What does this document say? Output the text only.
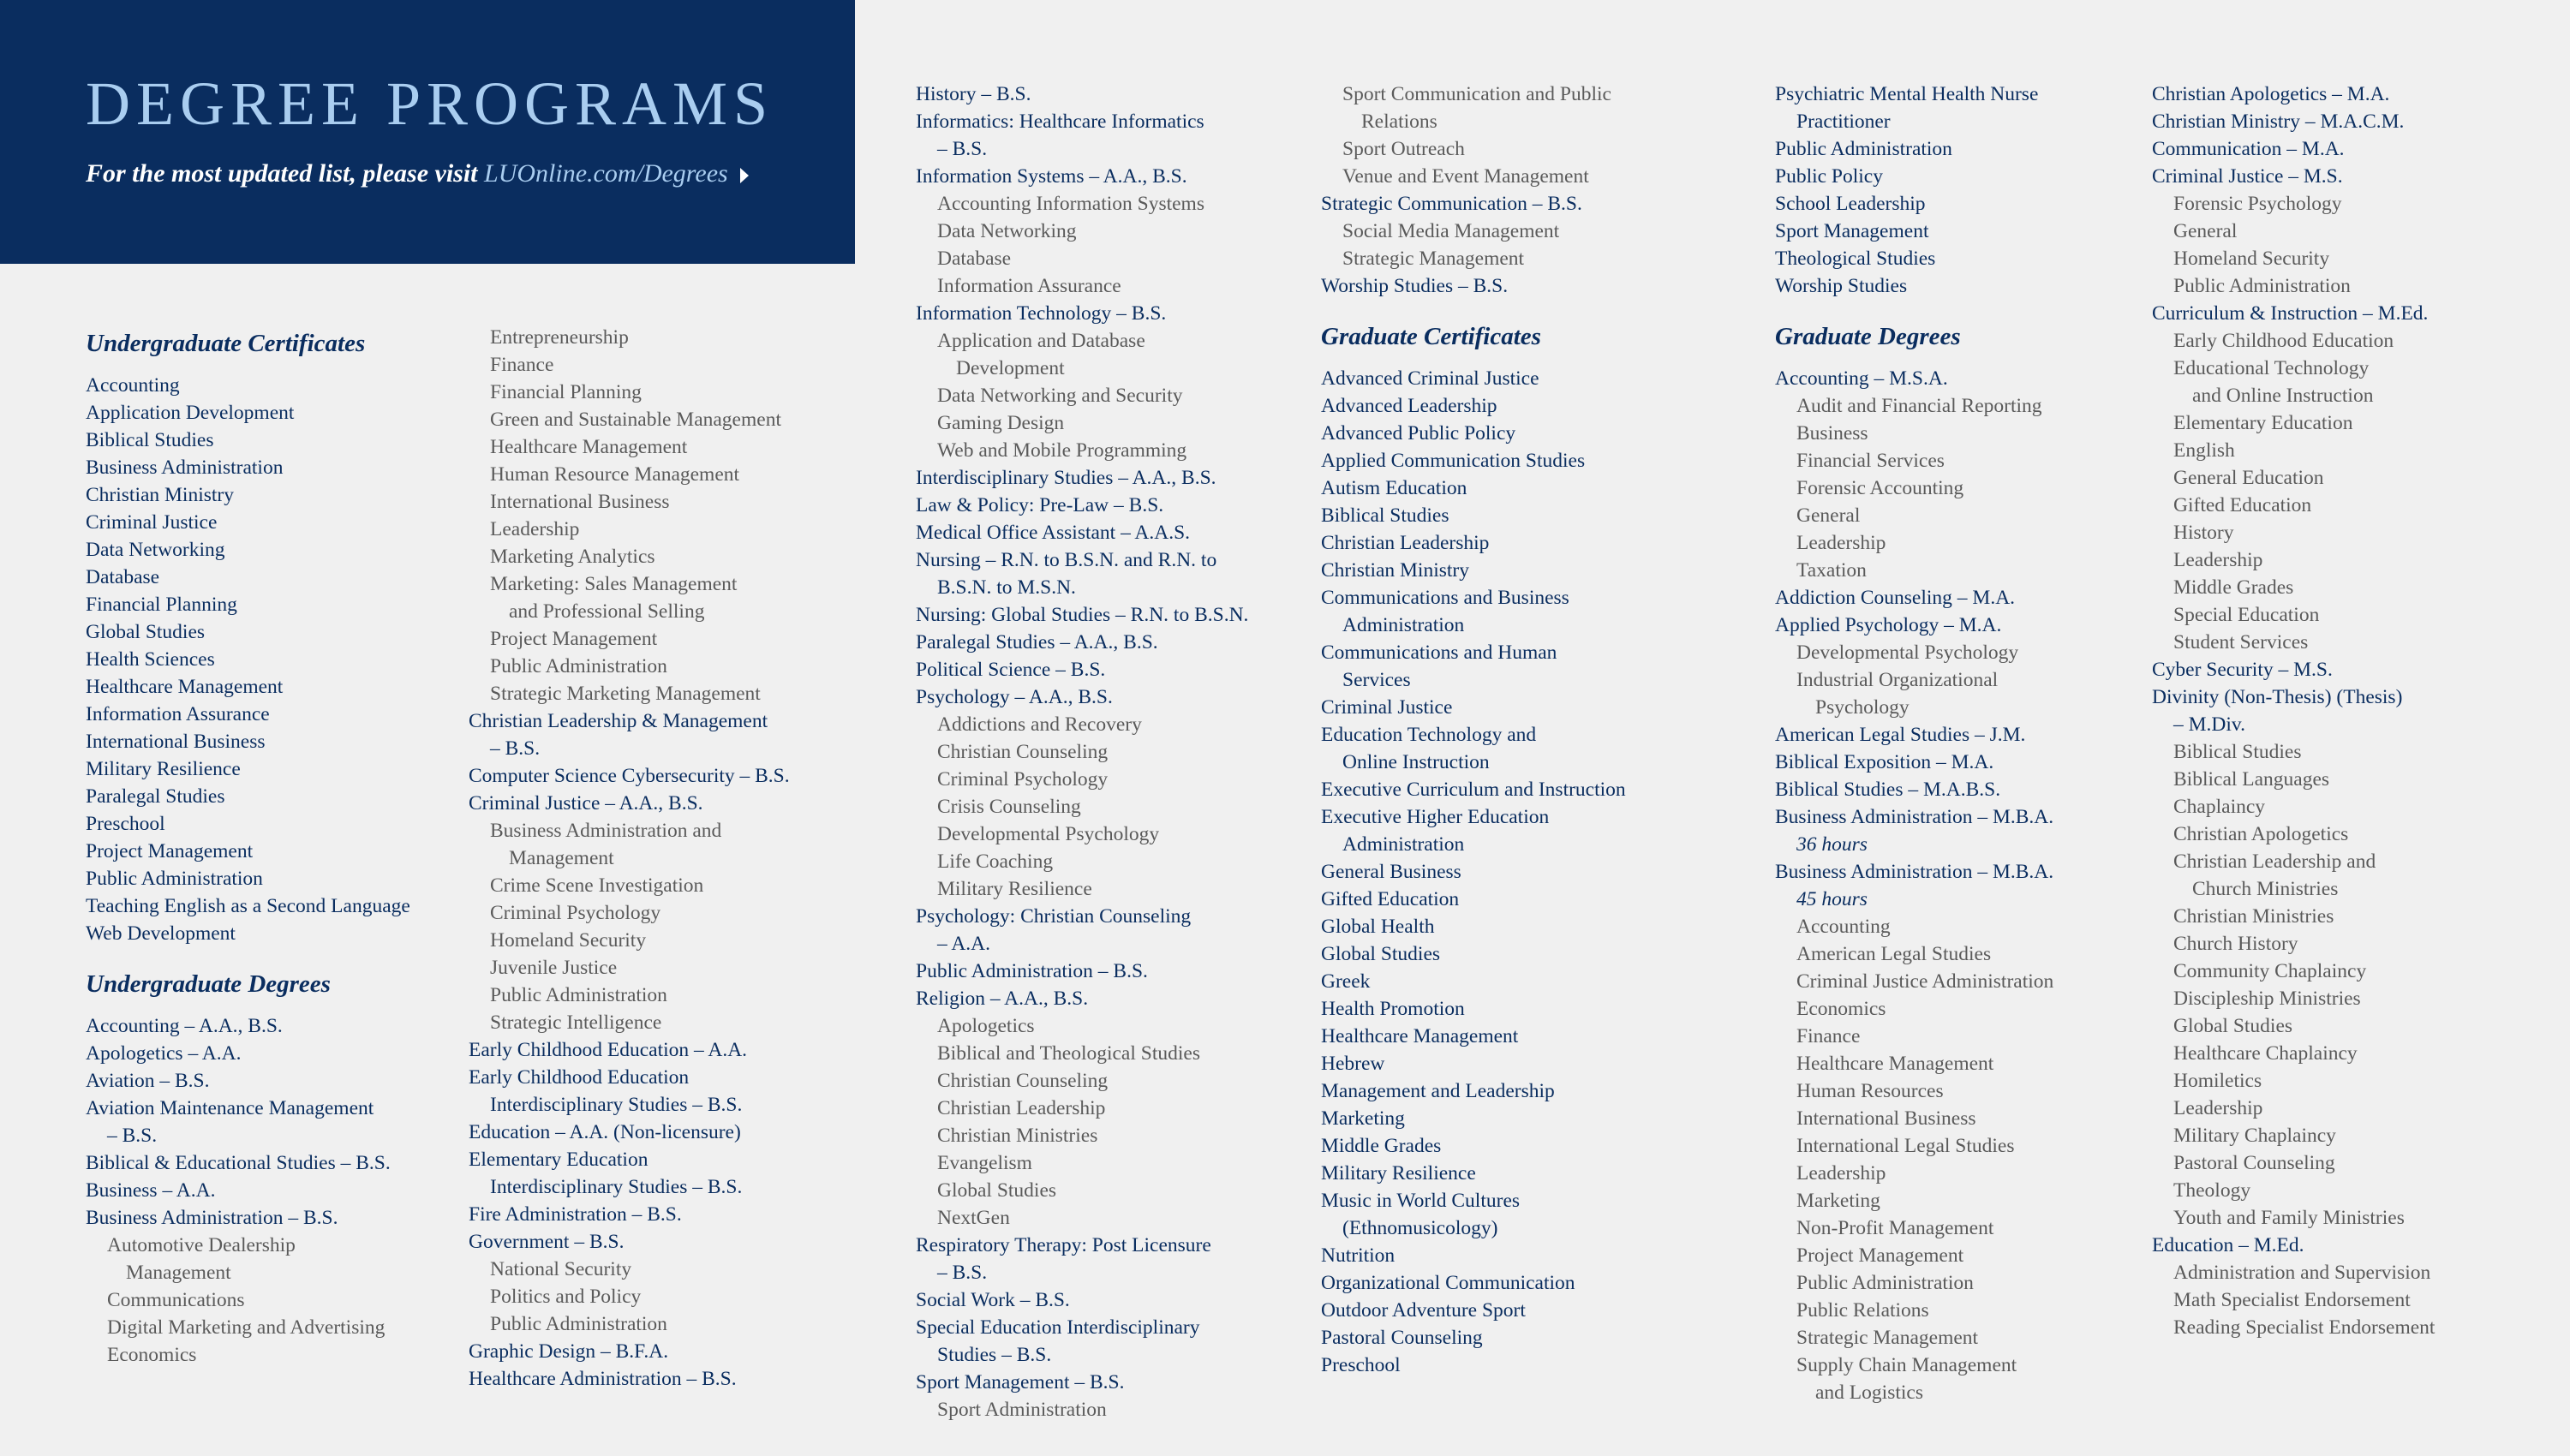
DEGREE PROGRAMS
For the most updated list, please visit LUOnline.com/Degrees
Undergraduate Certificates
Accounting
Application Development
Biblical Studies
Business Administration
Christian Ministry
Criminal Justice
Data Networking
Database
Financial Planning
Global Studies
Health Sciences
Healthcare Management
Information Assurance
International Business
Military Resilience
Paralegal Studies
Preschool
Project Management
Public Administration
Teaching English as a Second Language
Web Development
Undergraduate Degrees
Accounting – A.A., B.S.
Apologetics – A.A.
Aviation – B.S.
Aviation Maintenance Management
– B.S.
Biblical & Educational Studies – B.S.
Business – A.A.
Business Administration – B.S.
Automotive Dealership
Management
Communications
Digital Marketing and Advertising
Economics
Entrepreneurship
Finance
Financial Planning
Green and Sustainable Management
Healthcare Management
Human Resource Management
International Business
Leadership
Marketing Analytics
Marketing: Sales Management
and Professional Selling
Project Management
Public Administration
Strategic Marketing Management
Christian Leadership & Management
– B.S.
Computer Science Cybersecurity – B.S.
Criminal Justice – A.A., B.S.
Business Administration and
Management
Crime Scene Investigation
Criminal Psychology
Homeland Security
Juvenile Justice
Public Administration
Strategic Intelligence
Early Childhood Education – A.A.
Early Childhood Education
Interdisciplinary Studies – B.S.
Education – A.A. (Non-licensure)
Elementary Education
Interdisciplinary Studies – B.S.
Fire Administration – B.S.
Government – B.S.
National Security
Politics and Policy
Public Administration
Graphic Design – B.F.A.
Healthcare Administration – B.S.
History – B.S.
Informatics: Healthcare Informatics
– B.S.
Information Systems – A.A., B.S.
Accounting Information Systems
Data Networking
Database
Information Assurance
Information Technology – B.S.
Application and Database
Development
Data Networking and Security
Gaming Design
Web and Mobile Programming
Interdisciplinary Studies – A.A., B.S.
Law & Policy: Pre-Law – B.S.
Medical Office Assistant – A.A.S.
Nursing – R.N. to B.S.N. and R.N. to
B.S.N. to M.S.N.
Nursing: Global Studies – R.N. to B.S.N.
Paralegal Studies – A.A., B.S.
Political Science – B.S.
Psychology – A.A., B.S.
Addictions and Recovery
Christian Counseling
Criminal Psychology
Crisis Counseling
Developmental Psychology
Life Coaching
Military Resilience
Psychology: Christian Counseling
– A.A.
Public Administration – B.S.
Religion – A.A., B.S.
Apologetics
Biblical and Theological Studies
Christian Counseling
Christian Leadership
Christian Ministries
Evangelism
Global Studies
NextGen
Respiratory Therapy: Post Licensure
– B.S.
Social Work – B.S.
Special Education Interdisciplinary
Studies – B.S.
Sport Management – B.S.
Sport Administration
Sport Communication and Public
Relations
Sport Outreach
Venue and Event Management
Strategic Communication – B.S.
Social Media Management
Strategic Management
Worship Studies – B.S.
Graduate Certificates
Advanced Criminal Justice
Advanced Leadership
Advanced Public Policy
Applied Communication Studies
Autism Education
Biblical Studies
Christian Leadership
Christian Ministry
Communications and Business
Administration
Communications and Human
Services
Criminal Justice
Education Technology and
Online Instruction
Executive Curriculum and Instruction
Executive Higher Education
Administration
General Business
Gifted Education
Global Health
Global Studies
Greek
Health Promotion
Healthcare Management
Hebrew
Management and Leadership
Marketing
Middle Grades
Military Resilience
Music in World Cultures
(Ethnomusicology)
Nutrition
Organizational Communication
Outdoor Adventure Sport
Pastoral Counseling
Preschool
Psychiatric Mental Health Nurse
Practitioner
Public Administration
Public Policy
School Leadership
Sport Management
Theological Studies
Worship Studies
Graduate Degrees
Accounting – M.S.A.
Audit and Financial Reporting
Business
Financial Services
Forensic Accounting
General
Leadership
Taxation
Addiction Counseling – M.A.
Applied Psychology – M.A.
Developmental Psychology
Industrial Organizational
Psychology
American Legal Studies – J.M.
Biblical Exposition – M.A.
Biblical Studies – M.A.B.S.
Business Administration – M.B.A.
36 hours
Business Administration – M.B.A.
45 hours
Accounting
American Legal Studies
Criminal Justice Administration
Economics
Finance
Healthcare Management
Human Resources
International Business
International Legal Studies
Leadership
Marketing
Non-Profit Management
Project Management
Public Administration
Public Relations
Strategic Management
Supply Chain Management
and Logistics
Christian Apologetics – M.A.
Christian Ministry – M.A.C.M.
Communication – M.A.
Criminal Justice – M.S.
Forensic Psychology
General
Homeland Security
Public Administration
Curriculum & Instruction – M.Ed.
Early Childhood Education
Educational Technology
and Online Instruction
Elementary Education
English
General Education
Gifted Education
History
Leadership
Middle Grades
Special Education
Student Services
Cyber Security – M.S.
Divinity (Non-Thesis) (Thesis)
– M.Div.
Biblical Studies
Biblical Languages
Chaplaincy
Christian Apologetics
Christian Leadership and
Church Ministries
Christian Ministries
Church History
Community Chaplaincy
Discipleship Ministries
Global Studies
Healthcare Chaplaincy
Homiletics
Leadership
Military Chaplaincy
Pastoral Counseling
Theology
Youth and Family Ministries
Education – M.Ed.
Administration and Supervision
Math Specialist Endorsement
Reading Specialist Endorsement
